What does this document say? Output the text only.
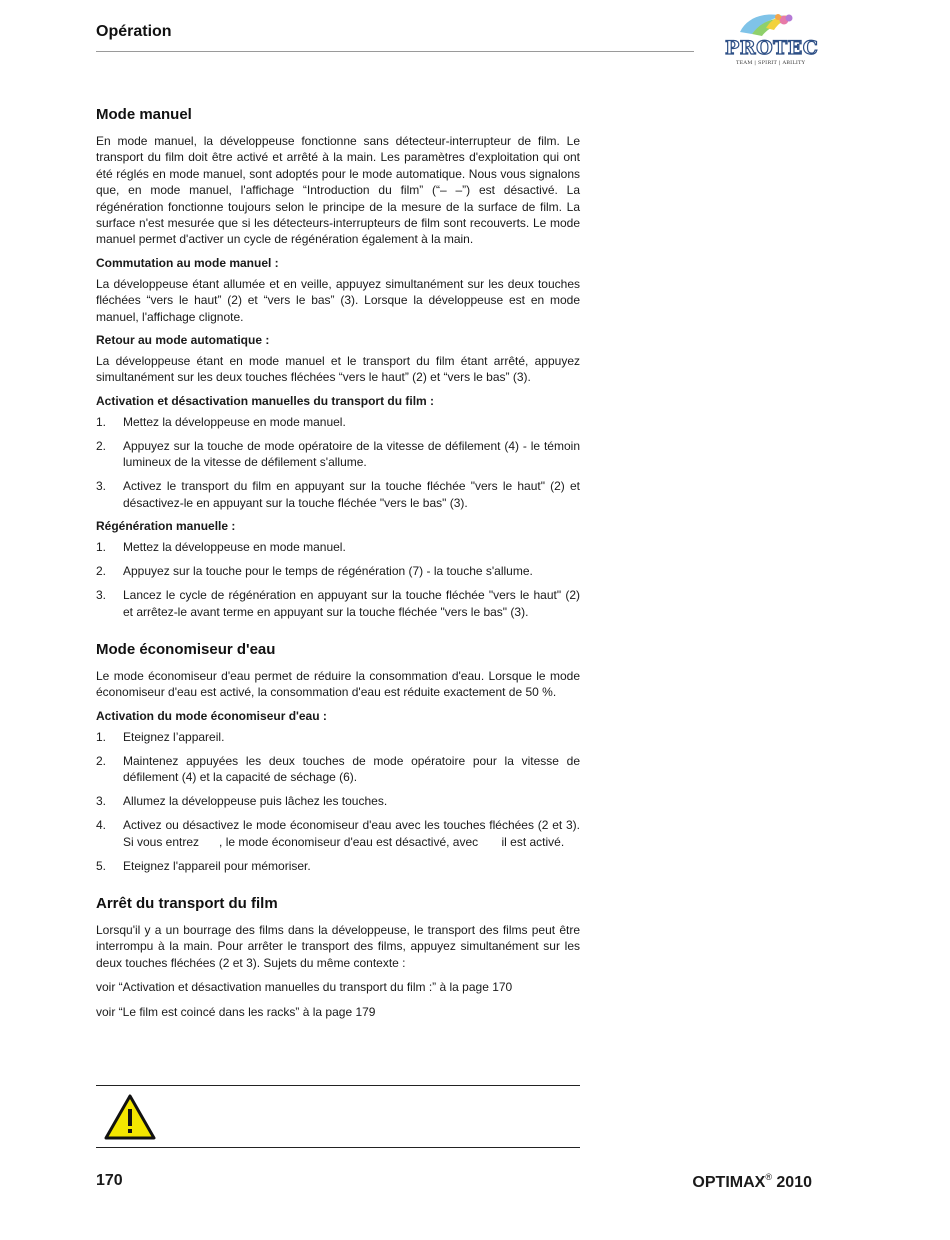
Opération
PROTEC
TEAM | SPIRIT | ABILITY
Mode manuel

En mode manuel, la développeuse fonctionne sans détecteur-interrupteur de film. Le transport du film doit être activé et arrêté à la main. Les paramètres d'exploitation qui ont été réglés en mode manuel, sont adoptés pour le mode automatique. Nous vous signalons que, en mode manuel, l'affichage “Introduction du film” (“– –”) est désactivé. La régénération fonctionne toujours selon le principe de la mesure de la surface de film. La surface n'est mesurée que si les détecteurs-interrupteurs de film sont recouverts. Le mode manuel permet d'activer un cycle de régénération également à la main.

Commutation au mode manuel :

La développeuse étant allumée et en veille, appuyez simultanément sur les deux touches fléchées “vers le haut” (2) et “vers le bas” (3). Lorsque la développeuse est en mode manuel, l'affichage clignote.

Retour au mode automatique :

La développeuse étant en mode manuel et le transport du film étant arrêté, appuyez simultanément sur les deux touches fléchées “vers le haut” (2) et “vers le bas” (3).

Activation et désactivation manuelles du transport du film :
1. Mettez la développeuse en mode manuel.
2. Appuyez sur la touche de mode opératoire de la vitesse de défilement (4) - le témoin lumineux de la vitesse de défilement s'allume.
3. Activez le transport du film en appuyant sur la touche fléchée "vers le haut" (2) et désactivez-le en appuyant sur la touche fléchée "vers le bas" (3).
Régénération manuelle :
1. Mettez la développeuse en mode manuel.
2. Appuyez sur la touche pour le temps de régénération (7) - la touche s'allume.
3. Lancez le cycle de régénération en appuyant sur la touche fléchée "vers le haut" (2) et arrêtez-le avant terme en appuyant sur la touche fléchée "vers le bas" (3).
Mode économiseur d'eau

Le mode économiseur d'eau permet de réduire la consommation d'eau. Lorsque le mode économiseur d'eau est activé, la consommation d'eau est réduite exactement de 50 %.

Activation du mode économiseur d'eau :
1. Eteignez l’appareil.
2. Maintenez appuyées les deux touches de mode opératoire pour la vitesse de défilement (4) et la capacité de séchage (6).
3. Allumez la développeuse puis lâchez les touches.
4. Activez ou désactivez le mode économiseur d'eau avec les touches fléchées (2 et 3). Si vous entrez      , le mode économiseur d'eau est désactivé, avec       il est activé.
5. Eteignez l'appareil pour mémoriser.
Arrêt du transport du film

Lorsqu'il y a un bourrage des films dans la développeuse, le transport des films peut être interrompu à la main. Pour arrêter le transport des films, appuyez simultanément sur les deux touches fléchées (2 et 3). Sujets du même contexte :

voir “Activation et désactivation manuelles du transport du film :” à la page 170

voir “Le film est coincé dans les racks” à la page 179

170	OPTIMAX® 2010
